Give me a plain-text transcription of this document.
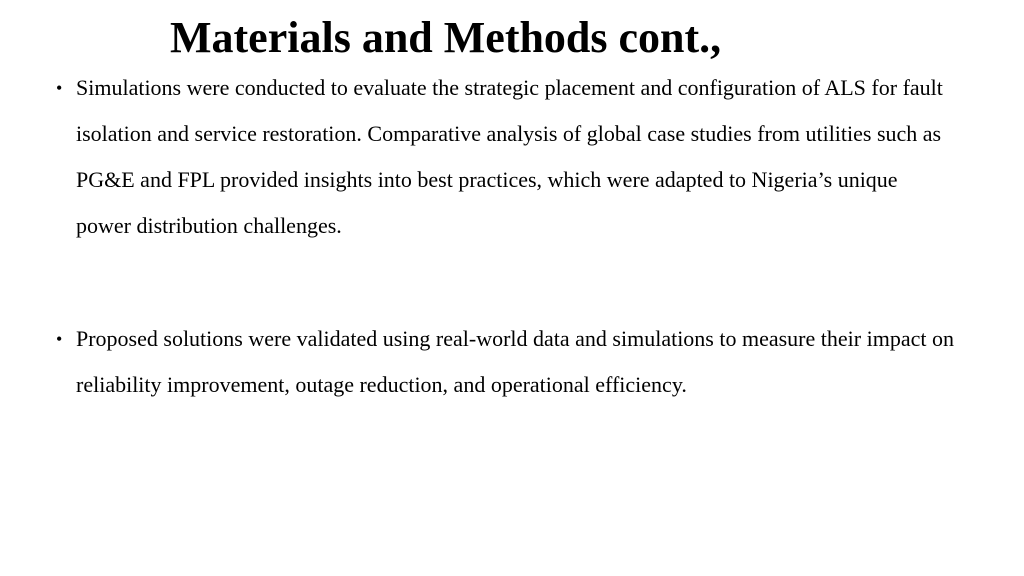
Materials and Methods cont.,
• Simulations were conducted to evaluate the strategic placement and configuration of ALS for fault isolation and service restoration. Comparative analysis of global case studies from utilities such as PG&E and FPL provided insights into best practices, which were adapted to Nigeria’s unique power distribution challenges.
• Proposed solutions were validated using real-world data and simulations to measure their impact on reliability improvement, outage reduction, and operational efficiency.
